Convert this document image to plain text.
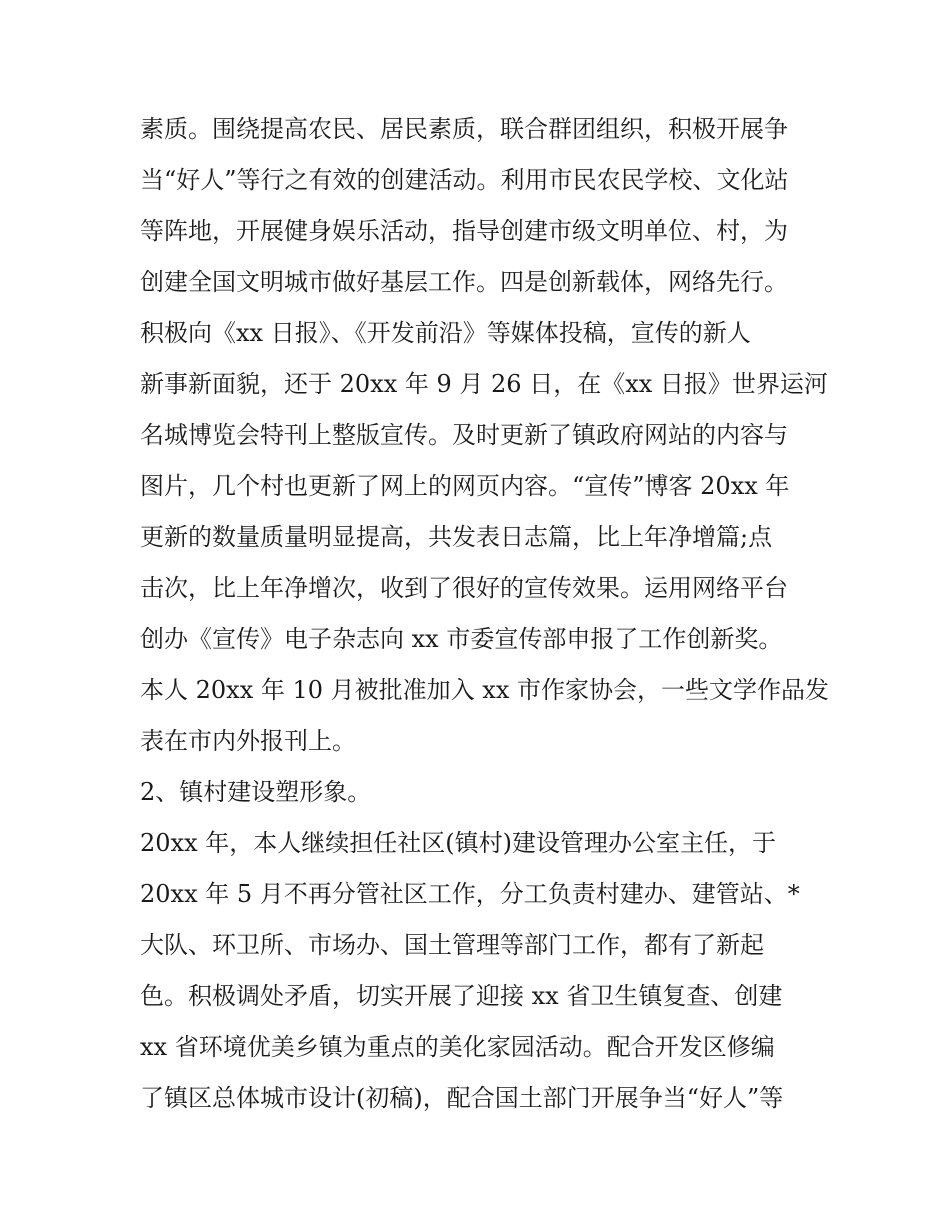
素质。围绕提高农民、居民素质，联合群团组织，积极开展争
当“好人”等行之有效的创建活动。利用市民农民学校、文化站
等阵地，开展健身娱乐活动，指导创建市级文明单位、村，为
创建全国文明城市做好基层工作。四是创新载体，网络先行。
积极向《xx 日报》、《开发前沿》等媒体投稿，宣传的新人
新事新面貌，还于 20xx 年 9 月 26 日，在《xx 日报》世界运河
名城博览会特刊上整版宣传。及时更新了镇政府网站的内容与
图片，几个村也更新了网上的网页内容。“宣传”博客 20xx 年
更新的数量质量明显提高，共发表日志篇，比上年净增篇;点
击次，比上年净增次，收到了很好的宣传效果。运用网络平台
创办《宣传》电子杂志向 xx 市委宣传部申报了工作创新奖。
本人 20xx 年 10 月被批准加入 xx 市作家协会，一些文学作品发
表在市内外报刊上。
2、镇村建设塑形象。
20xx 年，本人继续担任社区(镇村)建设管理办公室主任，于
20xx 年 5 月不再分管社区工作，分工负责村建办、建管站、*
大队、环卫所、市场办、国土管理等部门工作，都有了新起
色。积极调处矛盾，切实开展了迎接 xx 省卫生镇复查、创建
xx 省环境优美乡镇为重点的美化家园活动。配合开发区修编
了镇区总体城市设计(初稿)，配合国土部门开展争当“好人”等
